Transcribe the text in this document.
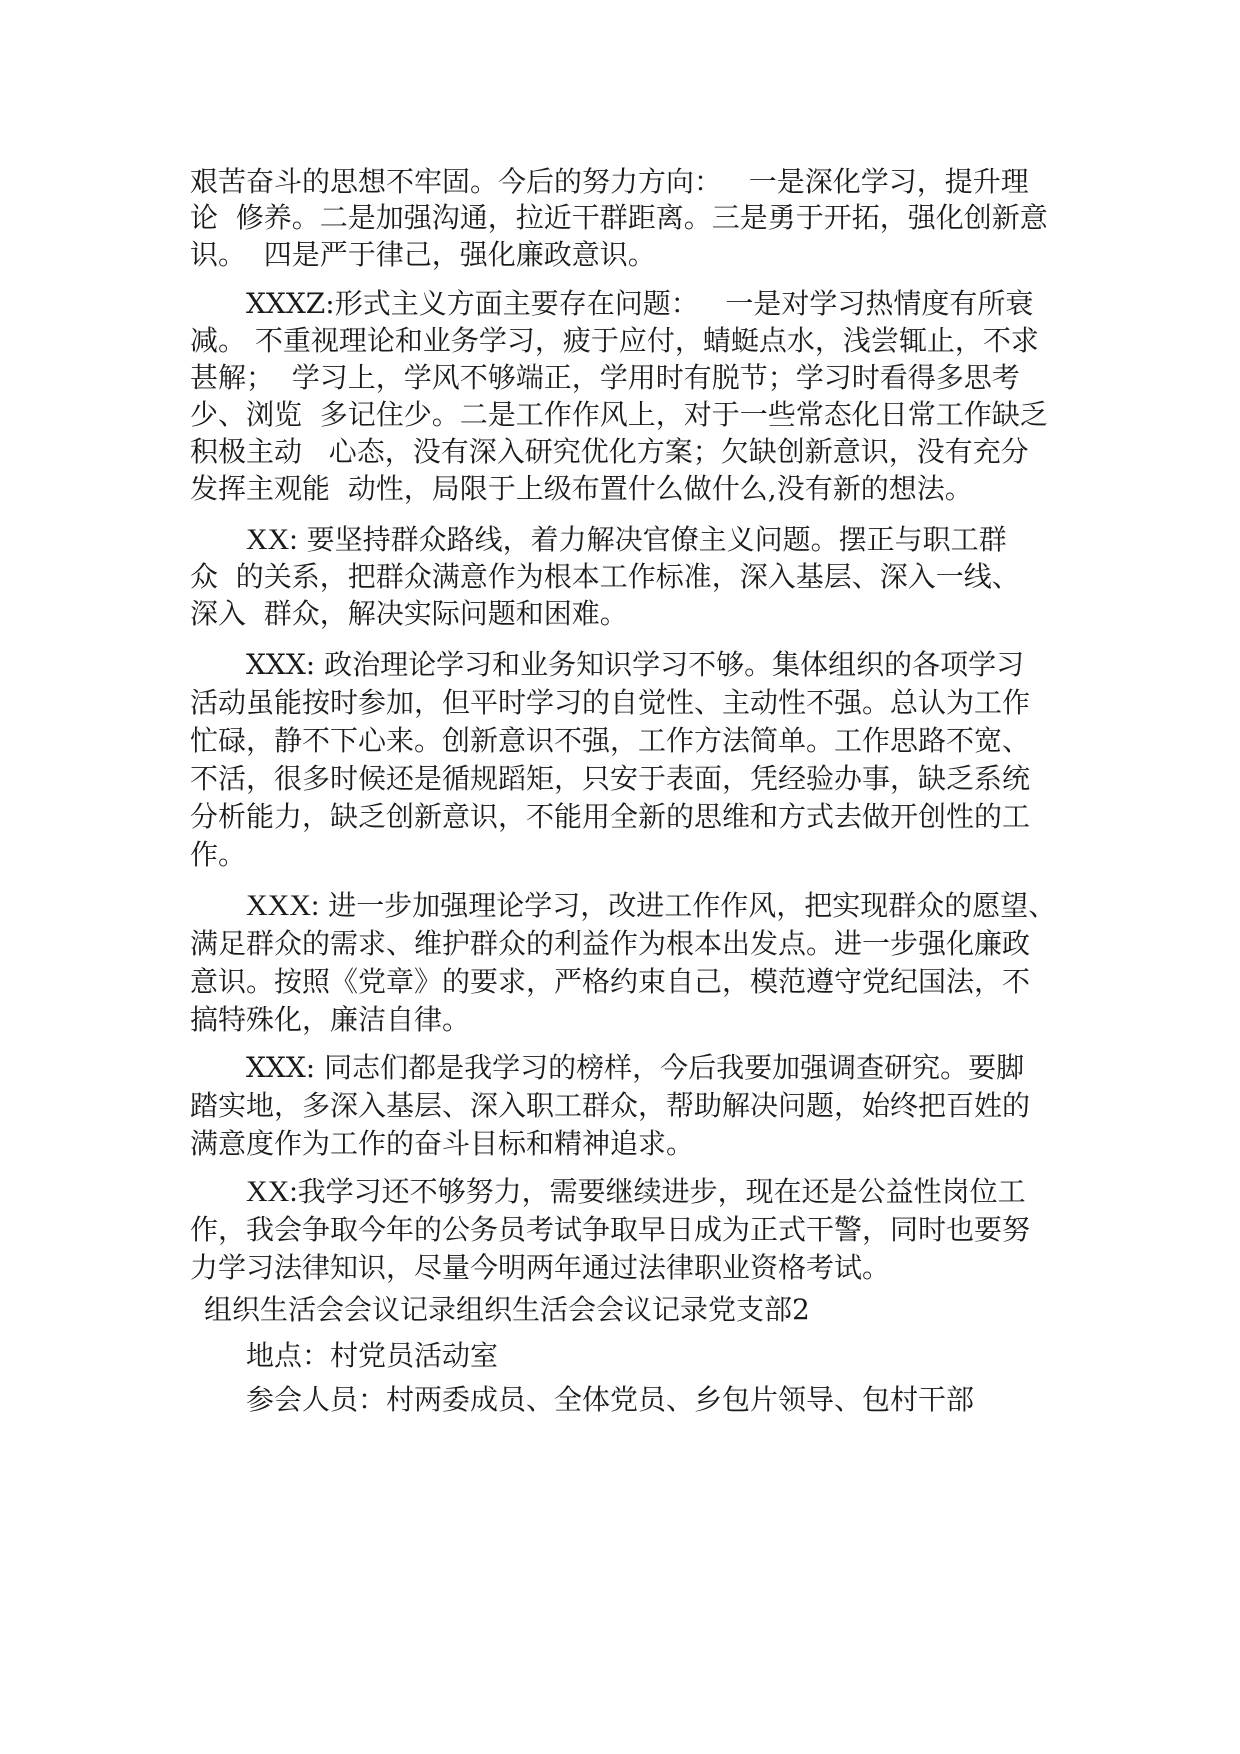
艰苦奋斗的思想不牢固。今后的努力方向：   一是深化学习，提升理
论  修养。二是加强沟通，拉近干群距离。三是勇于开拓，强化创新意
识。  四是严于律己，强化廉政意识。
XXXZ:形式主义方面主要存在问题：   一是对学习热情度有所衰
减。 不重视理论和业务学习，疲于应付，蜻蜓点水，浅尝辄止，不求
甚解；  学习上，学风不够端正，学用时有脱节；学习时看得多思考
少、浏览  多记住少。二是工作作风上，对于一些常态化日常工作缺乏
积极主动   心态，没有深入研究优化方案；欠缺创新意识，没有充分
发挥主观能  动性，局限于上级布置什么做什么,没有新的想法。
XX: 要坚持群众路线，着力解决官僚主义问题。摆正与职工群
众  的关系，把群众满意作为根本工作标准，深入基层、深入一线、
深入  群众，解决实际问题和困难。
XXX: 政治理论学习和业务知识学习不够。集体组织的各项学习
活动虽能按时参加，但平时学习的自觉性、主动性不强。总认为工作
忙碌，静不下心来。创新意识不强，工作方法简单。工作思路不宽、
不活，很多时候还是循规蹈矩，只安于表面，凭经验办事，缺乏系统
分析能力，缺乏创新意识，不能用全新的思维和方式去做开创性的工
作。
XXX: 进一步加强理论学习，改进工作作风，把实现群众的愿望、
满足群众的需求、维护群众的利益作为根本出发点。进一步强化廉政
意识。按照《党章》的要求，严格约束自己，模范遵守党纪国法，不
搞特殊化，廉洁自律。
XXX: 同志们都是我学习的榜样，今后我要加强调查研究。要脚
踏实地，多深入基层、深入职工群众，帮助解决问题，始终把百姓的
满意度作为工作的奋斗目标和精神追求。
XX:我学习还不够努力，需要继续进步，现在还是公益性岗位工
作，我会争取今年的公务员考试争取早日成为正式干警，同时也要努
力学习法律知识，尽量今明两年通过法律职业资格考试。
组织生活会会议记录组织生活会会议记录党支部2
地点：村党员活动室
参会人员：村两委成员、全体党员、乡包片领导、包村干部
